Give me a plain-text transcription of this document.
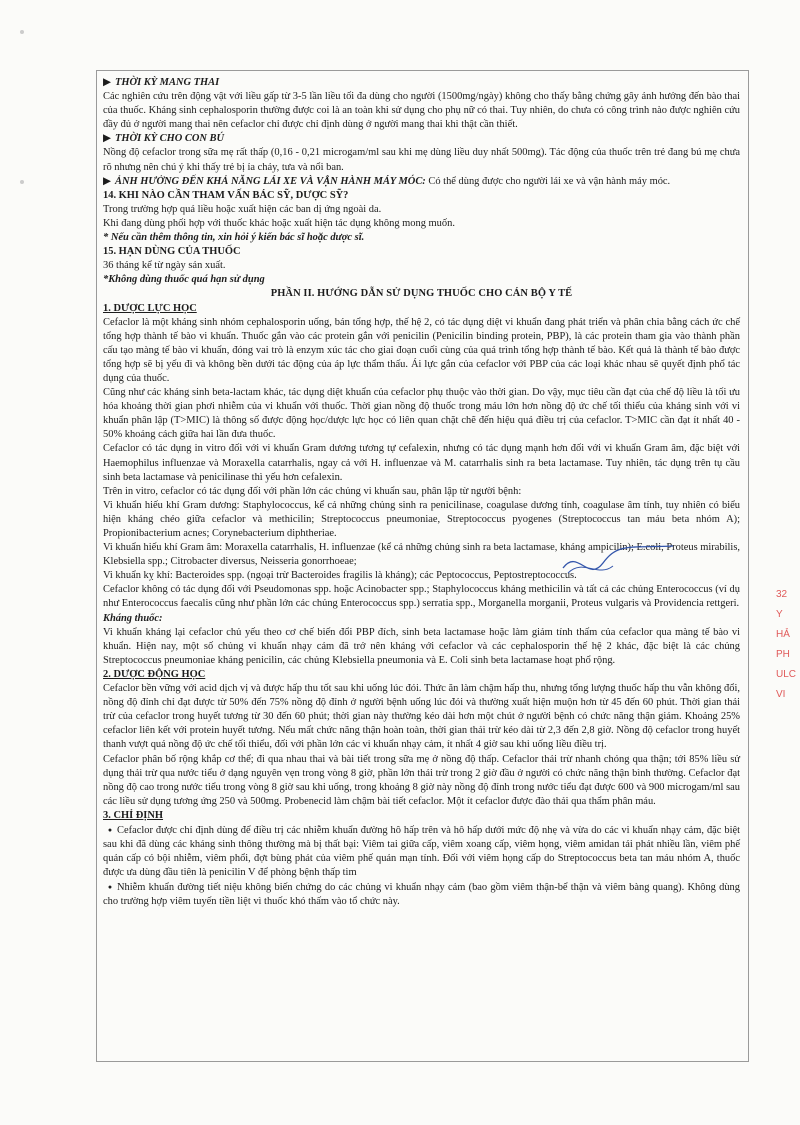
▶ THỜI KỲ MANG THAI

Các nghiên cứu trên động vật với liều gấp từ 3-5 lần liều tối đa dùng cho người (1500mg/ngày) không cho thấy bằng chứng gây ảnh hưởng đến bào thai của thuốc. Kháng sinh cephalosporin thường được coi là an toàn khi sử dụng cho phụ nữ có thai. Tuy nhiên, do chưa có công trình nào được nghiên cứu đầy đủ ở người mang thai nên cefaclor chỉ được chỉ định dùng ở người mang thai khi thật cần thiết.

▶ THỜI KỲ CHO CON BÚ

Nồng độ cefaclor trong sữa mẹ rất thấp (0,16 - 0,21 microgam/ml sau khi mẹ dùng liều duy nhất 500mg). Tác động của thuốc trên trẻ đang bú mẹ chưa rõ nhưng nên chú ý khi thấy trẻ bị ỉa chảy, tưa và nổi ban.

▶ ẢNH HƯỞNG ĐẾN KHẢ NĂNG LÁI XE VÀ VẬN HÀNH MÁY MÓC: Có thể dùng được cho người lái xe và vận hành máy móc.

14. KHI NÀO CẦN THAM VẤN BÁC SỸ, DƯỢC SỸ?

Trong trường hợp quá liều hoặc xuất hiện các ban dị ứng ngoài da.

Khi đang dùng phối hợp với thuốc khác hoặc xuất hiện tác dụng không mong muốn.

* Nếu cần thêm thông tin, xin hỏi ý kiến bác sĩ hoặc dược sĩ.

15. HẠN DÙNG CỦA THUỐC

36 tháng kể từ ngày sản xuất.

*Không dùng thuốc quá hạn sử dụng

PHẦN II. HƯỚNG DẪN SỬ DỤNG THUỐC CHO CÁN BỘ Y TẾ

1. DƯỢC LỰC HỌC

Cefaclor là một kháng sinh nhóm cephalosporin uống, bán tổng hợp, thế hệ 2, có tác dụng diệt vi khuẩn đang phát triển và phân chia bằng cách ức chế tổng hợp thành tế bào vi khuẩn. Thuốc gắn vào các protein gắn với penicilin (Penicilin binding protein, PBP), là các protein tham gia vào thành phần cấu tạo màng tế bào vi khuẩn, đóng vai trò là enzym xúc tác cho giai đoạn cuối cùng của quá trình tổng hợp thành tế bào. Kết quả là thành tế bào được tổng hợp sẽ bị yếu đi và không bền dưới tác động của áp lực thẩm thấu. Ái lực gắn của cefaclor với PBP của các loại khác nhau sẽ quyết định phổ tác dụng của thuốc.

Cũng như các kháng sinh beta-lactam khác, tác dụng diệt khuẩn của cefaclor phụ thuộc vào thời gian. Do vậy, mục tiêu cần đạt của chế độ liều là tối ưu hóa khoảng thời gian phơi nhiễm của vi khuẩn với thuốc. Thời gian nồng độ thuốc trong máu lớn hơn nồng độ ức chế tối thiểu của kháng sinh với vi khuẩn phân lập (T>MIC) là thông số được động học/dược lực học có liên quan chặt chẽ đến hiệu quả điều trị của cefaclor. T>MIC cần đạt ít nhất 40 - 50% khoảng cách giữa hai lần đưa thuốc.

Cefaclor có tác dụng in vitro đối với vi khuẩn Gram dương tương tự cefalexin, nhưng có tác dụng mạnh hơn đối với vi khuẩn Gram âm, đặc biệt với Haemophilus influenzae và Moraxella catarrhalis, ngay cả với H. influenzae và M. catarrhalis sinh ra beta lactamase. Tuy nhiên, tác dụng trên tụ cầu sinh beta lactamase và penicilinase thì yếu hơn cefalexin.

Trên in vitro, cefaclor có tác dụng đối với phần lớn các chủng vi khuẩn sau, phân lập từ người bệnh:

Vi khuẩn hiếu khí Gram dương: Staphylococcus, kể cả những chủng sinh ra penicilinase, coagulase dương tính, coagulase âm tính, tuy nhiên có biểu hiện kháng chéo giữa cefaclor và methicilin; Streptococcus pneumoniae, Streptococcus pyogenes (Streptococcus tan máu beta nhóm A); Propionibacterium acnes; Corynebacterium diphtheriae.

Vi khuẩn hiếu khí Gram âm: Moraxella catarrhalis, H. influenzae (kể cả những chủng sinh ra beta lactamase, kháng ampicilin); E.coli, Proteus mirabilis, Klebsiella spp.; Citrobacter diversus, Neisseria gonorrhoeae;

Vi khuẩn kỵ khí: Bacteroides spp. (ngoại trừ Bacteroides fragilis là kháng); các Peptococcus, Peptostreptococcus.

Cefaclor không có tác dụng đối với Pseudomonas spp. hoặc Acinobacter spp.; Staphylococcus kháng methicilin và tất cả các chủng Enterococcus (ví dụ như Enterococcus faecalis cũng như phần lớn các chủng Enterococcus spp.) serratia spp., Morganella morganii, Proteus vulgaris và Providencia rettgeri.

Kháng thuốc:

Vi khuẩn kháng lại cefaclor chủ yếu theo cơ chế biến đổi PBP đích, sinh beta lactamase hoặc làm giảm tính thấm của cefaclor qua màng tế bào vi khuẩn. Hiện nay, một số chủng vi khuẩn nhạy cảm đã trở nên kháng với cefaclor và các cephalosporin thế hệ 2 khác, đặc biệt là các chủng Streptococcus pneumoniae kháng penicilin, các chủng Klebsiella pneumonia và E. Coli sinh beta lactamase hoạt phổ rộng.

2. DƯỢC ĐỘNG HỌC

Cefaclor bền vững với acid dịch vị và được hấp thu tốt sau khi uống lúc đói. Thức ăn làm chậm hấp thu, nhưng tổng lượng thuốc hấp thu vẫn không đổi, nồng độ đỉnh chỉ đạt được từ 50% đến 75% nồng độ đỉnh ở người bệnh uống lúc đói và thường xuất hiện muộn hơn từ 45 đến 60 phút. Thời gian thải trừ của cefaclor trong huyết tương từ 30 đến 60 phút; thời gian này thường kéo dài hơn một chút ở người bệnh có chức năng thận giảm. Khoảng 25% cefaclor liên kết với protein huyết tương. Nếu mất chức năng thận hoàn toàn, thời gian thải trừ kéo dài từ 2,3 đến 2,8 giờ. Nồng độ cefaclor trong huyết thanh vượt quá nồng độ ức chế tối thiểu, đối với phần lớn các vi khuẩn nhạy cảm, ít nhất 4 giờ sau khi uống liều điều trị.

Cefaclor phân bố rộng khắp cơ thể; đi qua nhau thai và bài tiết trong sữa mẹ ở nồng độ thấp. Cefaclor thải trừ nhanh chóng qua thận; tới 85% liều sử dụng thải trừ qua nước tiểu ở dạng nguyên vẹn trong vòng 8 giờ, phần lớn thải trừ trong 2 giờ đầu ở người có chức năng thận bình thường. Cefaclor đạt nồng độ cao trong nước tiểu trong vòng 8 giờ sau khi uống, trong khoảng 8 giờ này nồng độ đỉnh trong nước tiểu đạt được 600 và 900 microgam/ml sau các liều sử dụng tương ứng 250 và 500mg. Probenecid làm chậm bài tiết cefaclor. Một ít cefaclor được đào thải qua thẩm phân máu.

3. CHỈ ĐỊNH

● Cefaclor được chỉ định dùng để điều trị các nhiễm khuẩn đường hô hấp trên và hô hấp dưới mức độ nhẹ và vừa do các vi khuẩn nhạy cảm, đặc biệt sau khi đã dùng các kháng sinh thông thường mà bị thất bại: Viêm tai giữa cấp, viêm xoang cấp, viêm họng, viêm amidan tái phát nhiều lần, viêm phế quản cấp có bội nhiễm, viêm phổi, đợt bùng phát của viêm phế quản mạn tính. Đối với viêm họng cấp do Streptococcus beta tan máu nhóm A, thuốc được ưa dùng đầu tiên là penicilin V để phòng bệnh thấp tim

● Nhiễm khuẩn đường tiết niệu không biến chứng do các chủng vi khuẩn nhạy cảm (bao gồm viêm thận-bể thận và viêm bàng quang). Không dùng cho trường hợp viêm tuyến tiền liệt vì thuốc khó thấm vào tổ chức này.

32
Y
HẢ
PH
ULC
VI
